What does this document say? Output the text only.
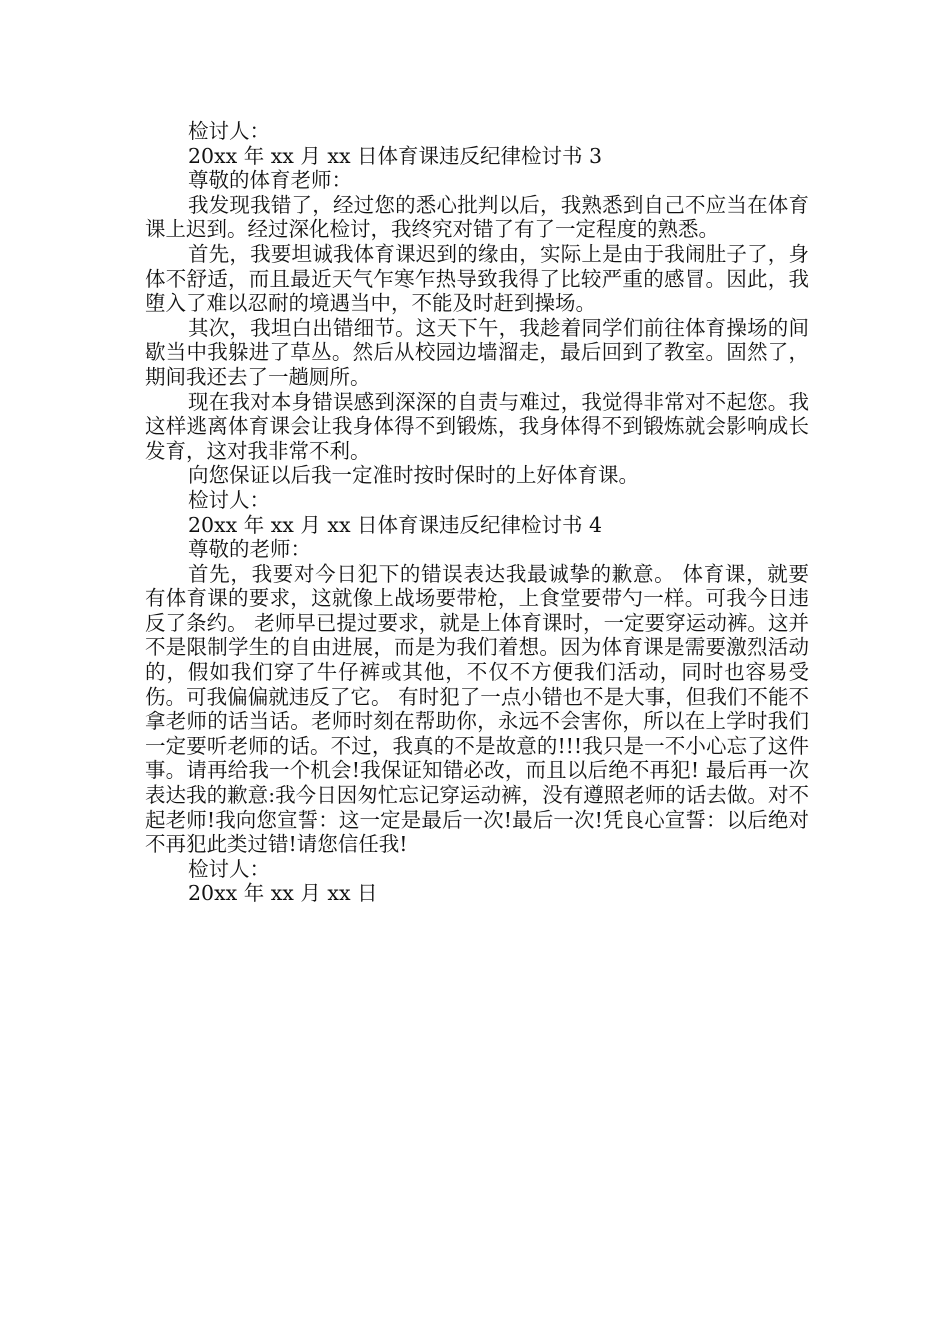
检讨人：

20xx 年 xx 月 xx 日体育课违反纪律检讨书 3

尊敬的体育老师：

我发现我错了，经过您的悉心批判以后，我熟悉到自己不应当在体育课上迟到。经过深化检讨，我终究对错了有了一定程度的熟悉。

首先，我要坦诚我体育课迟到的缘由，实际上是由于我闹肚子了，身体不舒适，而且最近天气乍寒乍热导致我得了比较严重的感冒。因此，我堕入了难以忍耐的境遇当中，不能及时赶到操场。

其次，我坦白出错细节。这天下午，我趁着同学们前往体育操场的间歇当中我躲进了草丛。然后从校园边墙溜走，最后回到了教室。固然了，期间我还去了一趟厕所。

现在我对本身错误感到深深的自责与难过，我觉得非常对不起您。我这样逃离体育课会让我身体得不到锻炼，我身体得不到锻炼就会影响成长发育，这对我非常不利。

向您保证以后我一定准时按时保时的上好体育课。

检讨人：

20xx 年 xx 月 xx 日体育课违反纪律检讨书 4

尊敬的老师：

首先，我要对今日犯下的错误表达我最诚挚的歉意。 体育课，就要有体育课的要求，这就像上战场要带枪，上食堂要带勺一样。可我今日违反了条约。 老师早已提过要求，就是上体育课时，一定要穿运动裤。这并不是限制学生的自由进展，而是为我们着想。因为体育课是需要激烈活动的，假如我们穿了牛仔裤或其他，不仅不方便我们活动，同时也容易受伤。可我偏偏就违反了它。 有时犯了一点小错也不是大事，但我们不能不拿老师的话当话。老师时刻在帮助你，永远不会害你，所以在上学时我们一定要听老师的话。不过，我真的不是故意的!!!我只是一不小心忘了这件事。请再给我一个机会!我保证知错必改，而且以后绝不再犯! 最后再一次表达我的歉意:我今日因匆忙忘记穿运动裤，没有遵照老师的话去做。对不起老师!我向您宣誓：这一定是最后一次!最后一次!凭良心宣誓：以后绝对不再犯此类过错!请您信任我!

检讨人：

20xx 年 xx 月 xx 日
